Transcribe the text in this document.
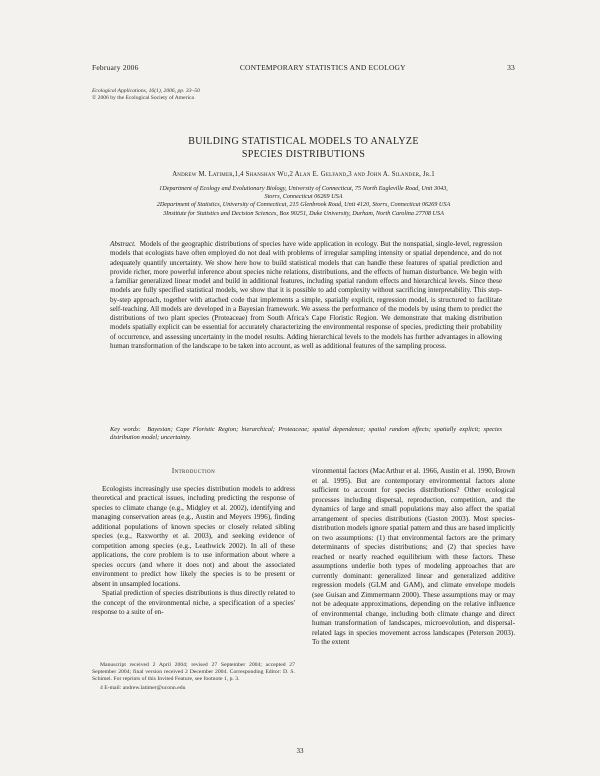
February 2006	CONTEMPORARY STATISTICS AND ECOLOGY	33
Ecological Applications, 16(1), 2006, pp. 33–50
© 2006 by the Ecological Society of America
BUILDING STATISTICAL MODELS TO ANALYZE
SPECIES DISTRIBUTIONS
Andrew M. Latimer,1,4 Shanshan Wu,2 Alan E. Gelfand,3 and John A. Silander, Jr.1
1Department of Ecology and Evolutionary Biology, University of Connecticut, 75 North Eagleville Road, Unit 3043,
Storrs, Connecticut 06269 USA
2Department of Statistics, University of Connecticut, 215 Glenbrook Road, Unit 4120, Storrs, Connecticut 06269 USA
3Institute for Statistics and Decision Sciences, Box 90251, Duke University, Durham, North Carolina 27708 USA
Abstract. Models of the geographic distributions of species have wide application in ecology. But the nonspatial, single-level, regression models that ecologists have often employed do not deal with problems of irregular sampling intensity or spatial dependence, and do not adequately quantify uncertainty. We show here how to build statistical models that can handle these features of spatial prediction and provide richer, more powerful inference about species niche relations, distributions, and the effects of human disturbance. We begin with a familiar generalized linear model and build in additional features, including spatial random effects and hierarchical levels. Since these models are fully specified statistical models, we show that it is possible to add complexity without sacrificing interpretability. This step-by-step approach, together with attached code that implements a simple, spatially explicit, regression model, is structured to facilitate self-teaching. All models are developed in a Bayesian framework. We assess the performance of the models by using them to predict the distributions of two plant species (Proteaceae) from South Africa's Cape Floristic Region. We demonstrate that making distribution models spatially explicit can be essential for accurately characterizing the environmental response of species, predicting their probability of occurrence, and assessing uncertainty in the model results. Adding hierarchical levels to the models has further advantages in allowing human transformation of the landscape to be taken into account, as well as additional features of the sampling process.
Key words: Bayesian; Cape Floristic Region; hierarchical; Proteaceae; spatial dependence; spatial random effects; spatially explicit; species distribution model; uncertainty.
Introduction

Ecologists increasingly use species distribution models to address theoretical and practical issues, including predicting the response of species to climate change (e.g., Midgley et al. 2002), identifying and managing conservation areas (e.g., Austin and Meyers 1996), finding additional populations of known species or closely related sibling species (e.g., Raxworthy et al. 2003), and seeking evidence of competition among species (e.g., Leathwick 2002). In all of these applications, the core problem is to use information about where a species occurs (and where it does not) and about the associated environment to predict how likely the species is to be present or absent in unsampled locations.

Spatial prediction of species distributions is thus directly related to the concept of the environmental niche, a specification of a species' response to a suite of en-

vironmental factors (MacArthur et al. 1966, Austin et al. 1990, Brown et al. 1995). But are contemporary environmental factors alone sufficient to account for species distributions? Other ecological processes including dispersal, reproduction, competition, and the dynamics of large and small populations may also affect the spatial arrangement of species distributions (Gaston 2003). Most species-distribution models ignore spatial pattern and thus are based implicitly on two assumptions: (1) that environmental factors are the primary determinants of species distributions; and (2) that species have reached or nearly reached equilibrium with these factors. These assumptions underlie both types of modeling approaches that are currently dominant: generalized linear and generalized additive regression models (GLM and GAM), and climate envelope models (see Guisan and Zimmermann 2000). These assumptions may or may not be adequate approximations, depending on the relative influence of environmental change, including both climate change and direct human transformation of landscapes, microevolution, and dispersal-related lags in species movement across landscapes (Peterson 2003). To the extent

Manuscript received 2 April 2004; revised 27 September 2004; accepted 27 September 2004; final version received 2 December 2004. Corresponding Editor: D. S. Schimel. For reprints of this Invited Feature, see footnote 1, p. 3.

4 E-mail: andrew.latimer@uconn.edu

33
